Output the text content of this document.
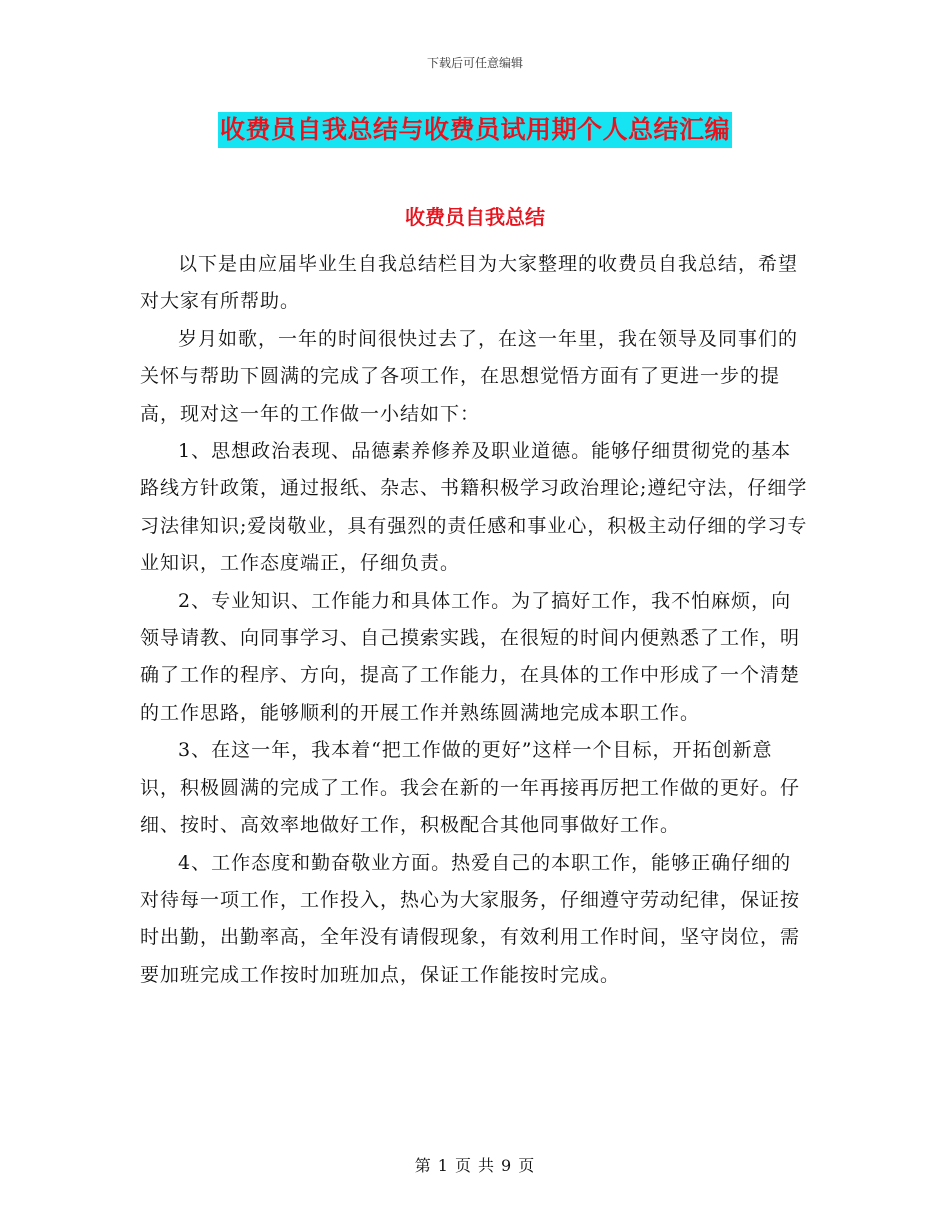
下载后可任意编辑
收费员自我总结与收费员试用期个人总结汇编
收费员自我总结

以下是由应届毕业生自我总结栏目为大家整理的收费员自我总结，希望对大家有所帮助。

岁月如歌，一年的时间很快过去了，在这一年里，我在领导及同事们的关怀与帮助下圆满的完成了各项工作，在思想觉悟方面有了更进一步的提高，现对这一年的工作做一小结如下：

1、思想政治表现、品德素养修养及职业道德。能够仔细贯彻党的基本路线方针政策，通过报纸、杂志、书籍积极学习政治理论;遵纪守法，仔细学习法律知识;爱岗敬业，具有强烈的责任感和事业心，积极主动仔细的学习专业知识，工作态度端正，仔细负责。

2、专业知识、工作能力和具体工作。为了搞好工作，我不怕麻烦，向领导请教、向同事学习、自己摸索实践，在很短的时间内便熟悉了工作，明确了工作的程序、方向，提高了工作能力，在具体的工作中形成了一个清楚的工作思路，能够顺利的开展工作并熟练圆满地完成本职工作。

3、在这一年，我本着“把工作做的更好”这样一个目标，开拓创新意识，积极圆满的完成了工作。我会在新的一年再接再厉把工作做的更好。仔细、按时、高效率地做好工作，积极配合其他同事做好工作。

4、工作态度和勤奋敬业方面。热爱自己的本职工作，能够正确仔细的对待每一项工作，工作投入，热心为大家服务，仔细遵守劳动纪律，保证按时出勤，出勤率高，全年没有请假现象，有效利用工作时间，坚守岗位，需要加班完成工作按时加班加点，保证工作能按时完成。

第 1 页 共 9 页
